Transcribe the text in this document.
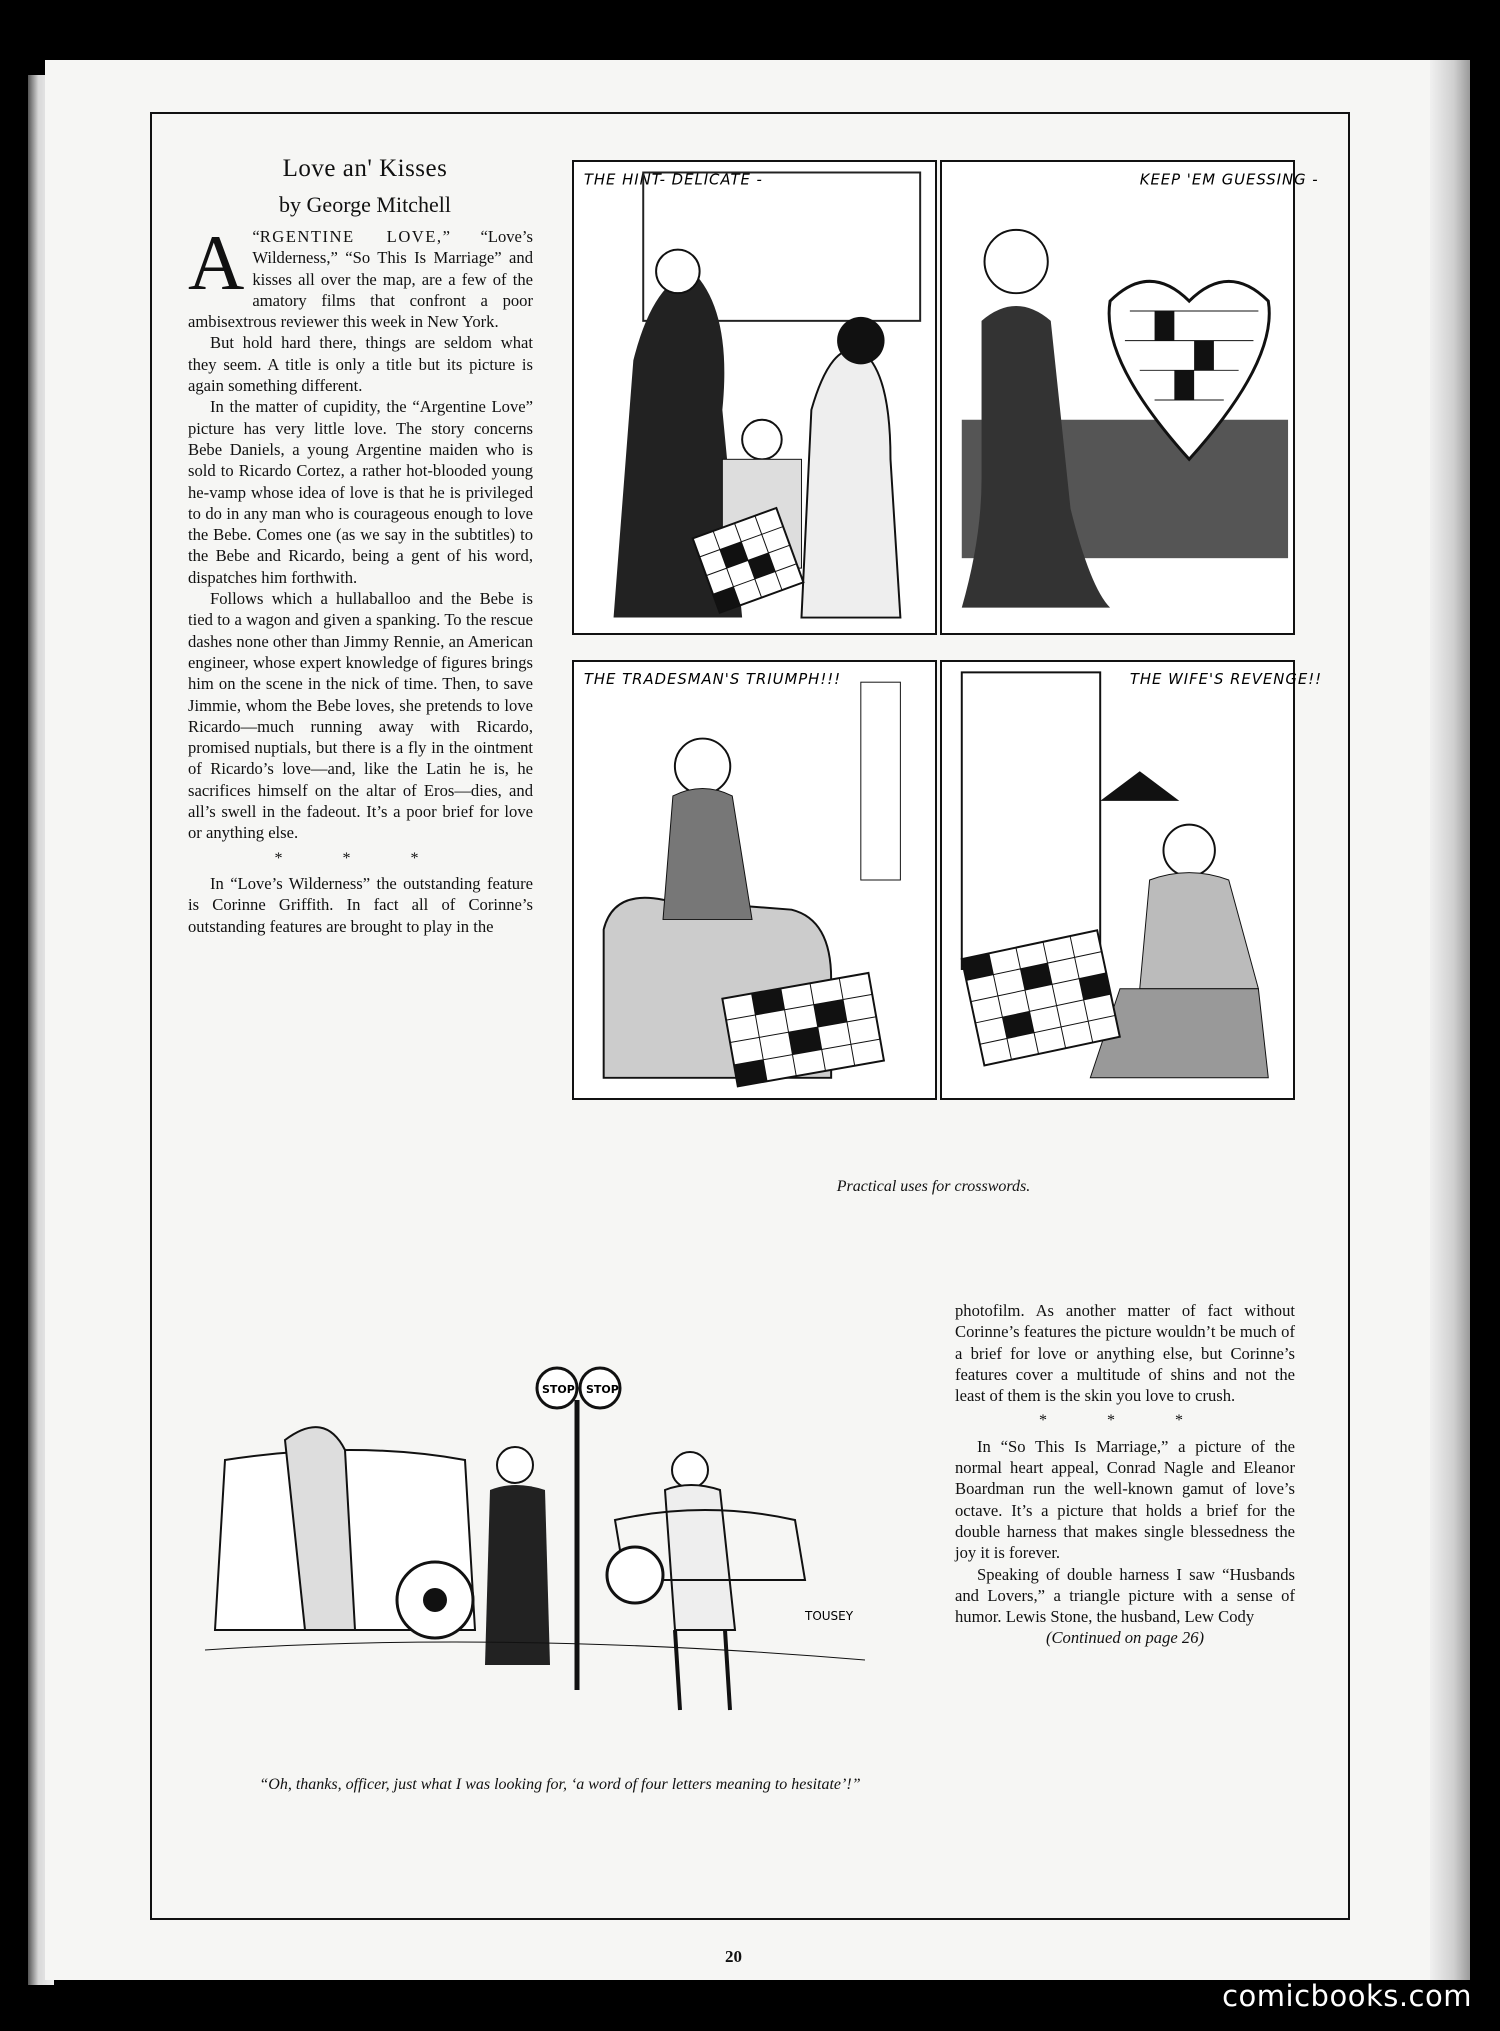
Love an' Kisses
by George Mitchell

“
A RGENTINE LOVE,” “Love’s Wilderness,” “So This Is Marriage” and kisses all over the map, are a few of the amatory films that confront a poor ambisextrous reviewer this week in New York.

But hold hard there, things are seldom what they seem. A title is only a title but its picture is again something different.

In the matter of cupidity, the “Argentine Love” picture has very little love. The story concerns Bebe Daniels, a young Argentine maiden who is sold to Ricardo Cortez, a rather hot-blooded young he-vamp whose idea of love is that he is privileged to do in any man who is courageous enough to love the Bebe. Comes one (as we say in the subtitles) to the Bebe and Ricardo, being a gent of his word, dispatches him forthwith.

Follows which a hullaballoo and the Bebe is tied to a wagon and given a spanking. To the rescue dashes none other than Jimmy Rennie, an American engineer, whose expert knowledge of figures brings him on the scene in the nick of time. Then, to save Jimmie, whom the Bebe loves, she pretends to love Ricardo—much running away with Ricardo, promised nuptials, but there is a fly in the ointment of Ricardo’s love—and, like the Latin he is, he sacrifices himself on the altar of Eros—dies, and all’s swell in the fadeout. It’s a poor brief for love or anything else.

* * *

In “Love’s Wilderness” the outstanding feature is Corinne Griffith. In fact all of Corinne’s outstanding features are brought to play in the

photofilm. As another matter of fact without Corinne’s features the picture wouldn’t be much of a brief for love or anything else, but Corinne’s features cover a multitude of shins and not the least of them is the skin you love to crush.

* * *

In “So This Is Marriage,” a picture of the normal heart appeal, Conrad Nagle and Eleanor Boardman run the well-known gamut of love’s octave. It’s a picture that holds a brief for the double harness that makes single blessedness the joy it is forever.

Speaking of double harness I saw “Husbands and Lovers,” a triangle picture with a sense of humor. Lewis Stone, the husband, Lew Cody

(Continued on page 26)

THE HINT- DELICATE -	KEEP 'EM GUESSING -
THE TRADESMAN'S TRIUMPH!!!	THE WIFE'S REVENGE!!
Practical uses for crosswords.
STOP STOP
TOUSEY
“Oh, thanks, officer, just what I was looking for, ‘a word of four letters meaning to hesitate’!”
20
comicbooks.com
